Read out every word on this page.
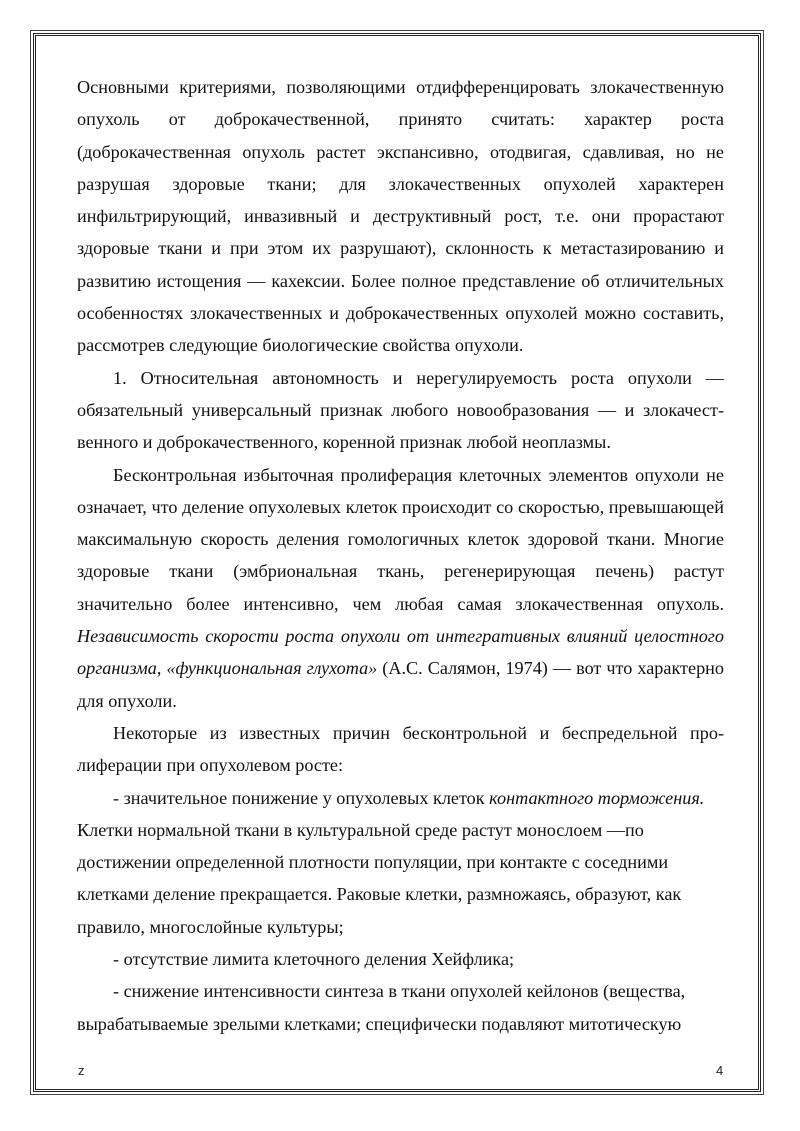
Основными критериями, позволяющими отдифференцировать злокачественную опухоль от доброкачественной, принято считать: характер роста (доброкачественная опухоль растет экспансивно, отодвигая, сдавливая, но не разрушая здоровые ткани; для злокачественных опухолей характерен инфильтрирующий, инвазивный и деструктивный рост, т.е. они прорастают здоровые ткани и при этом их разрушают), склонность к метастазированию и развитию истощения — кахексии. Более полное представление об отличительных особенностях злокачественных и доброкачественных опухолей можно составить, рассмотрев следующие биологические свойства опухоли.

1. Относительная автономность и нерегулируемость роста опухоли — обязательный универсальный признак любого новообразования — и злокачественного и доброкачественного, коренной признак любой неоплазмы.

Бесконтрольная избыточная пролиферация клеточных элементов опухоли не означает, что деление опухолевых клеток происходит со скоростью, превышающей максимальную скорость деления гомологичных клеток здоровой ткани. Многие здоровые ткани (эмбриональная ткань, регенерирующая печень) растут значительно более интенсивно, чем любая самая злокачественная опухоль. Независимость скорости роста опухоли от интегративных влияний целостного организма, «функциональная глухота» (А.С. Салямон, 1974) — вот что характерно для опухоли.

Некоторые из известных причин бесконтрольной и беспредельной пролиферации при опухолевом росте:

- значительное понижение у опухолевых клеток контактного торможения. Клетки нормальной ткани в культуральной среде растут монослоем —по достижении определенной плотности популяции, при контакте с соседними клетками деление прекращается. Раковые клетки, размножаясь, образуют, как правило, многослойные культуры;

- отсутствие лимита клеточного деления Хейфлика;

- снижение интенсивности синтеза в ткани опухолей кейлонов (вещества, вырабатываемые зрелыми клетками; специфически подавляют митотическую

z	4
